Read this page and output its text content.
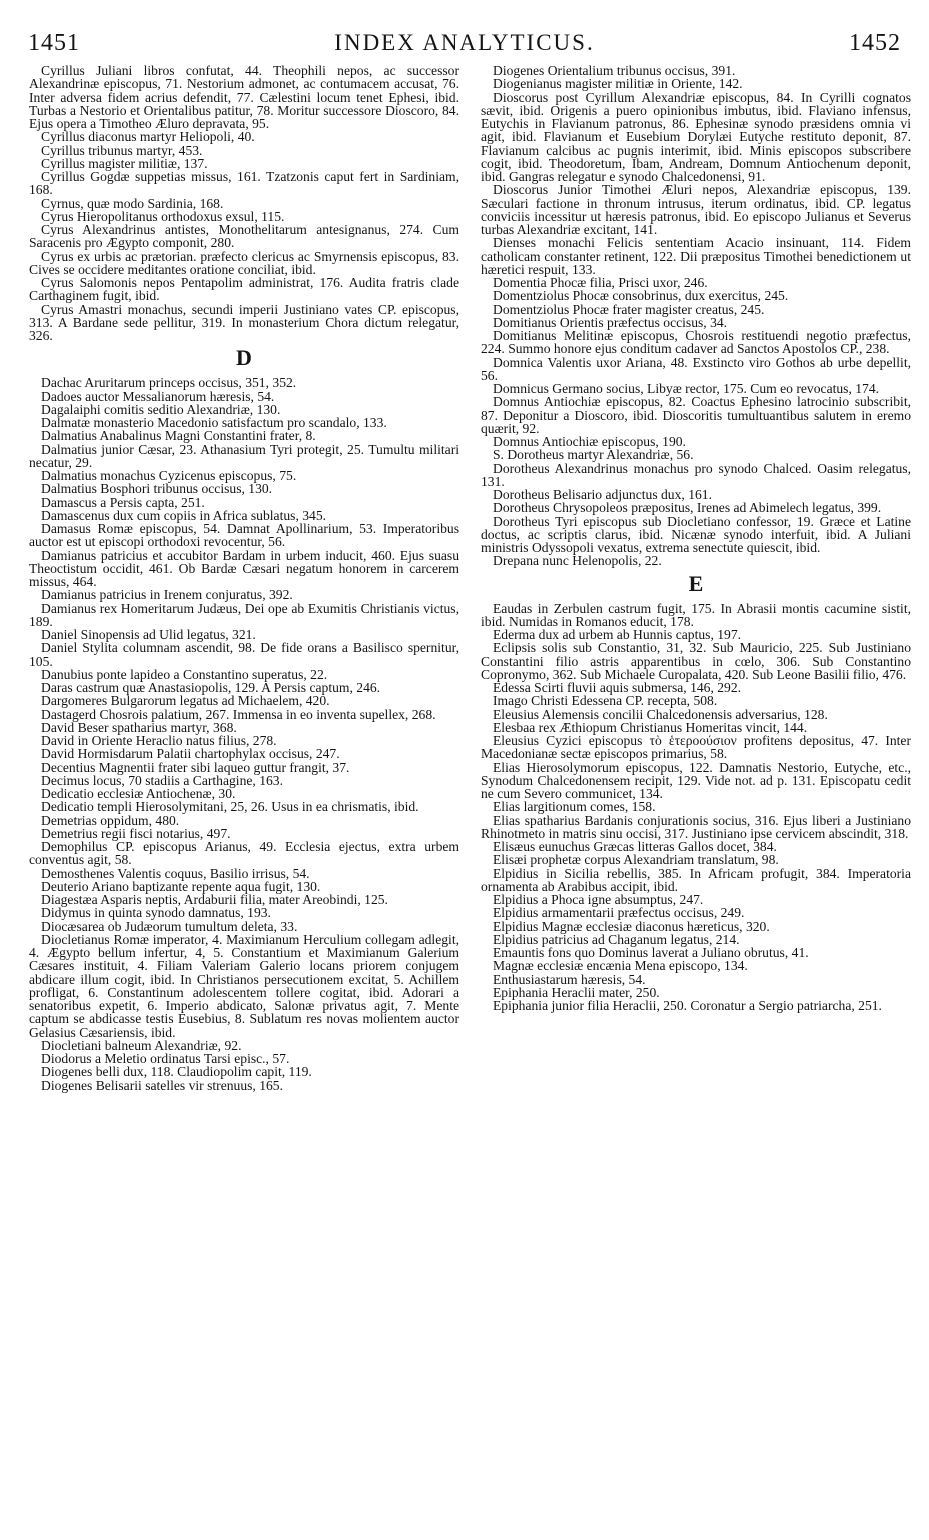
1451	INDEX ANALYTICUS.	1452

Cyrillus Juliani libros confutat, 44. Theophili nepos, ac successor Alexandrinæ episcopus, 71. Nestorium admonet, ac contumacem accusat, 76. Inter adversa fidem acrius defendit, 77. Cælestini locum tenet Ephesi, ibid. Turbas a Nestorio et Orientalibus patitur, 78. Moritur successore Dioscoro, 84. Ejus opera a Timotheo Æluro depravata, 95.

Cyrillus diaconus martyr Heliopoli, 40.

Cyrillus tribunus martyr, 453.

Cyrillus magister militiæ, 137.

Cyrillus Gogdæ suppetias missus, 161. Tzatzonis caput fert in Sardiniam, 168.

Cyrnus, quæ modo Sardinia, 168.

Cyrus Hieropolitanus orthodoxus exsul, 115.

Cyrus Alexandrinus antistes, Monothelitarum antesignanus, 274. Cum Saracenis pro Ægypto componit, 280.

Cyrus ex urbis ac prætorian. præfecto clericus ac Smyrnensis episcopus, 83. Cives se occidere meditantes oratione conciliat, ibid.

Cyrus Salomonis nepos Pentapolim administrat, 176. Audita fratris clade Carthaginem fugit, ibid.

Cyrus Amastri monachus, secundi imperii Justiniano vates CP. episcopus, 313. A Bardane sede pellitur, 319. In monasterium Chora dictum relegatur, 326.

D

Dachac Aruritarum princeps occisus, 351, 352.

Dadoes auctor Messalianorum hæresis, 54.

Dagalaiphi comitis seditio Alexandriæ, 130.

Dalmatæ monasterio Macedonio satisfactum pro scandalo, 133.

Dalmatius Anabalinus Magni Constantini frater, 8.

Dalmatius junior Cæsar, 23. Athanasium Tyri protegit, 25. Tumultu militari necatur, 29.

Dalmatius monachus Cyzicenus episcopus, 75.

Dalmatius Bosphori tribunus occisus, 130.

Damascus a Persis capta, 251.

Damascenus dux cum copiis in Africa sublatus, 345.

Damasus Romæ episcopus, 54. Damnat Apollinarium, 53. Imperatoribus auctor est ut episcopi orthodoxi revocentur, 56.

Damianus patricius et accubitor Bardam in urbem inducit, 460. Ejus suasu Theoctistum occidit, 461. Ob Bardæ Cæsari negatum honorem in carcerem missus, 464.

Damianus patricius in Irenem conjuratus, 392.

Damianus rex Homeritarum Judæus, Dei ope ab Exumitis Christianis victus, 189.

Daniel Sinopensis ad Ulid legatus, 321.

Daniel Stylita columnam ascendit, 98. De fide orans a Basilisco spernitur, 105.

Danubius ponte lapideo a Constantino superatus, 22.

Daras castrum quæ Anastasiopolis, 129. A Persis captum, 246.

Dargomeres Bulgarorum legatus ad Michaelem, 420.

Dastagerd Chosrois palatium, 267. Immensa in eo inventa supellex, 268.

David Beser spatharius martyr, 368.

David in Oriente Heraclio natus filius, 278.

David Hormisdarum Palatii chartophylax occisus, 247.

Decentius Magnentii frater sibi laqueo guttur frangit, 37.

Decimus locus, 70 stadiis a Carthagine, 163.

Dedicatio ecclesiæ Antiochenæ, 30.

Dedicatio templi Hierosolymitani, 25, 26. Usus in ea chrismatis, ibid.

Demetrias oppidum, 480.

Demetrius regii fisci notarius, 497.

Demophilus CP. episcopus Arianus, 49. Ecclesia ejectus, extra urbem conventus agit, 58.

Demosthenes Valentis coquus, Basilio irrisus, 54.

Deuterio Ariano baptizante repente aqua fugit, 130.

Diagestæa Asparis neptis, Ardaburii filia, mater Areobindi, 125.

Didymus in quinta synodo damnatus, 193.

Diocæsarea ob Judæorum tumultum deleta, 33.

Diocletianus Romæ imperator, 4. Maximianum Herculium collegam adlegit, 4. Ægypto bellum infertur, 4, 5. Constantium et Maximianum Galerium Cæsares instituit, 4. Filiam Valeriam Galerio locans priorem conjugem abdicare illum cogit, ibid. In Christianos persecutionem excitat, 5. Achillem profligat, 6. Constantinum adolescentem tollere cogitat, ibid. Adorari a senatoribus expetit, 6. Imperio abdicato, Salonæ privatus agit, 7. Mente captum se abdicasse testis Eusebius, 8. Sublatum res novas molientem auctor Gelasius Cæsariensis, ibid.

Diocletiani balneum Alexandriæ, 92.

Diodorus a Meletio ordinatus Tarsi episc., 57.

Diogenes belli dux, 118. Claudiopolim capit, 119.

Diogenes Belisarii satelles vir strenuus, 165.

Diogenes Orientalium tribunus occisus, 391.

Diogenianus magister militiæ in Oriente, 142.

Dioscorus post Cyrillum Alexandriæ episcopus, 84. In Cyrilli cognatos sævit, ibid. Origenis a puero opinionibus imbutus, ibid. Flaviano infensus, Eutychis in Flavianum patronus, 86. Ephesinæ synodo præsidens omnia vi agit, ibid. Flavianum et Eusebium Dorylæi Eutyche restituto deponit, 87. Flavianum calcibus ac pugnis interimit, ibid. Minis episcopos subscribere cogit, ibid. Theodoretum, Ibam, Andream, Domnum Antiochenum deponit, ibid. Gangras relegatur e synodo Chalcedonensi, 91.

Dioscorus Junior Timothei Æluri nepos, Alexandriæ episcopus, 139. Sæculari factione in thronum intrusus, iterum ordinatus, ibid. CP. legatus conviciis incessitur ut hæresis patronus, ibid. Eo episcopo Julianus et Severus turbas Alexandriæ excitant, 141.

Dienses monachi Felicis sententiam Acacio insinuant, 114. Fidem catholicam constanter retinent, 122. Dii præpositus Timothei benedictionem ut hæretici respuit, 133.

Domentia Phocæ filia, Prisci uxor, 246.

Domentziolus Phocæ consobrinus, dux exercitus, 245.

Domentziolus Phocæ frater magister creatus, 245.

Domitianus Orientis præfectus occisus, 34.

Domitianus Melitinæ episcopus, Chosrois restituendi negotio præfectus, 224. Summo honore ejus conditum cadaver ad Sanctos Apostolos CP., 238.

Domnica Valentis uxor Ariana, 48. Exstincto viro Gothos ab urbe depellit, 56.

Domnicus Germano socius, Libyæ rector, 175. Cum eo revocatus, 174.

Domnus Antiochiæ episcopus, 82. Coactus Ephesino latrocinio subscribit, 87. Deponitur a Dioscoro, ibid. Dioscoritis tumultuantibus salutem in eremo quærit, 92.

Domnus Antiochiæ episcopus, 190.

S. Dorotheus martyr Alexandriæ, 56.

Dorotheus Alexandrinus monachus pro synodo Chalced. Oasim relegatus, 131.

Dorotheus Belisario adjunctus dux, 161.

Dorotheus Chrysopoleos præpositus, Irenes ad Abimelech legatus, 399.

Dorotheus Tyri episcopus sub Diocletiano confessor, 19. Græce et Latine doctus, ac scriptis clarus, ibid. Nicænæ synodo interfuit, ibid. A Juliani ministris Odyssopoli vexatus, extrema senectute quiescit, ibid.

Drepana nunc Helenopolis, 22.

E

Eaudas in Zerbulen castrum fugit, 175. In Abrasii montis cacumine sistit, ibid. Numidas in Romanos educit, 178.

Ederma dux ad urbem ab Hunnis captus, 197.

Eclipsis solis sub Constantio, 31, 32. Sub Mauricio, 225. Sub Justiniano Constantini filio astris apparentibus in cœlo, 306. Sub Constantino Copronymo, 362. Sub Michaele Curopalata, 420. Sub Leone Basilii filio, 476.

Edessa Scirti fluvii aquis submersa, 146, 292.

Imago Christi Edessena CP. recepta, 508.

Eleusius Alemensis concilii Chalcedonensis adversarius, 128.

Elesbaa rex Æthiopum Christianus Homeritas vincit, 144.

Eleusius Cyzici episcopus τὸ ἑτεροούσιον profitens depositus, 47. Inter Macedonianæ sectæ episcopos primarius, 58.

Elias Hierosolymorum episcopus, 122. Damnatis Nestorio, Eutyche, etc., Synodum Chalcedonensem recipit, 129. Vide not. ad p. 131. Episcopatu cedit ne cum Severo communicet, 134.

Elias largitionum comes, 158.

Elias spatharius Bardanis conjurationis socius, 316. Ejus liberi a Justiniano Rhinotmeto in matris sinu occisi, 317. Justiniano ipse cervicem abscindit, 318.

Elisæus eunuchus Græcas litteras Gallos docet, 384.

Elisæi prophetæ corpus Alexandriam translatum, 98.

Elpidius in Sicilia rebellis, 385. In Africam profugit, 384. Imperatoria ornamenta ab Arabibus accipit, ibid.

Elpidius a Phoca igne absumptus, 247.

Elpidius armamentarii præfectus occisus, 249.

Elpidius Magnæ ecclesiæ diaconus hæreticus, 320.

Elpidius patricius ad Chaganum legatus, 214.

Emauntis fons quo Dominus laverat a Juliano obrutus, 41.

Magnæ ecclesiæ encænia Mena episcopo, 134.

Enthusiastarum hæresis, 54.

Epiphania Heraclii mater, 250.

Epiphania junior filia Heraclii, 250. Coronatur a Sergio patriarcha, 251.
